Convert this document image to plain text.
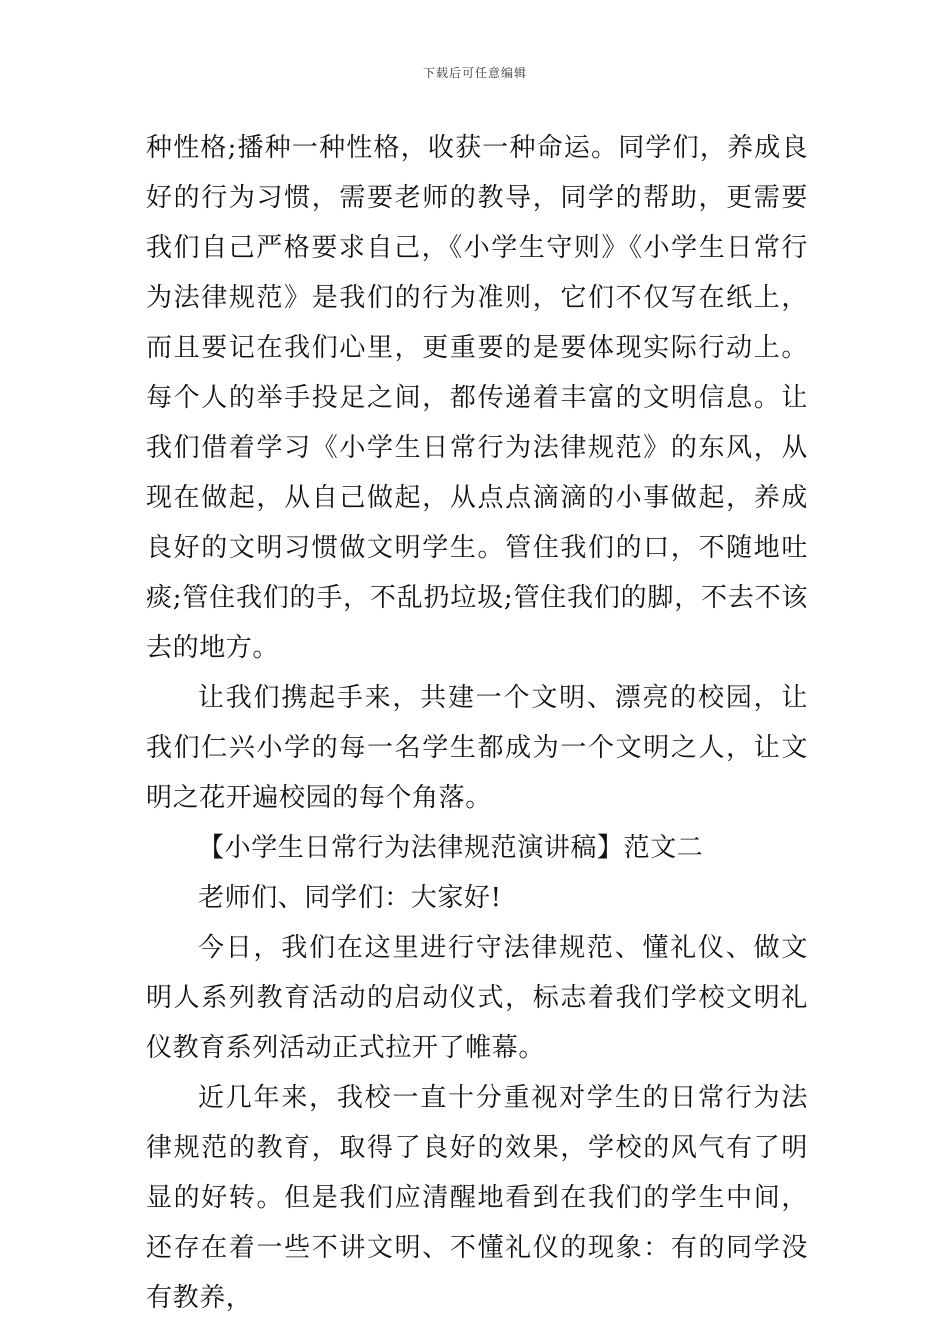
下载后可任意编辑

种性格;播种一种性格，收获一种命运。同学们，养成良好的行为习惯，需要老师的教导，同学的帮助，更需要我们自己严格要求自己，《小学生守则》《小学生日常行为法律规范》是我们的行为准则，它们不仅写在纸上，而且要记在我们心里，更重要的是要体现实际行动上。每个人的举手投足之间，都传递着丰富的文明信息。让我们借着学习《小学生日常行为法律规范》的东风，从现在做起，从自己做起，从点点滴滴的小事做起，养成良好的文明习惯做文明学生。管住我们的口，不随地吐痰;管住我们的手，不乱扔垃圾;管住我们的脚，不去不该去的地方。

让我们携起手来，共建一个文明、漂亮的校园，让我们仁兴小学的每一名学生都成为一个文明之人，让文明之花开遍校园的每个角落。

【小学生日常行为法律规范演讲稿】范文二

老师们、同学们：大家好!

今日，我们在这里进行守法律规范、懂礼仪、做文明人系列教育活动的启动仪式，标志着我们学校文明礼仪教育系列活动正式拉开了帷幕。

近几年来，我校一直十分重视对学生的日常行为法律规范的教育，取得了良好的效果，学校的风气有了明显的好转。但是我们应清醒地看到在我们的学生中间，还存在着一些不讲文明、不懂礼仪的现象：有的同学没有教养，
